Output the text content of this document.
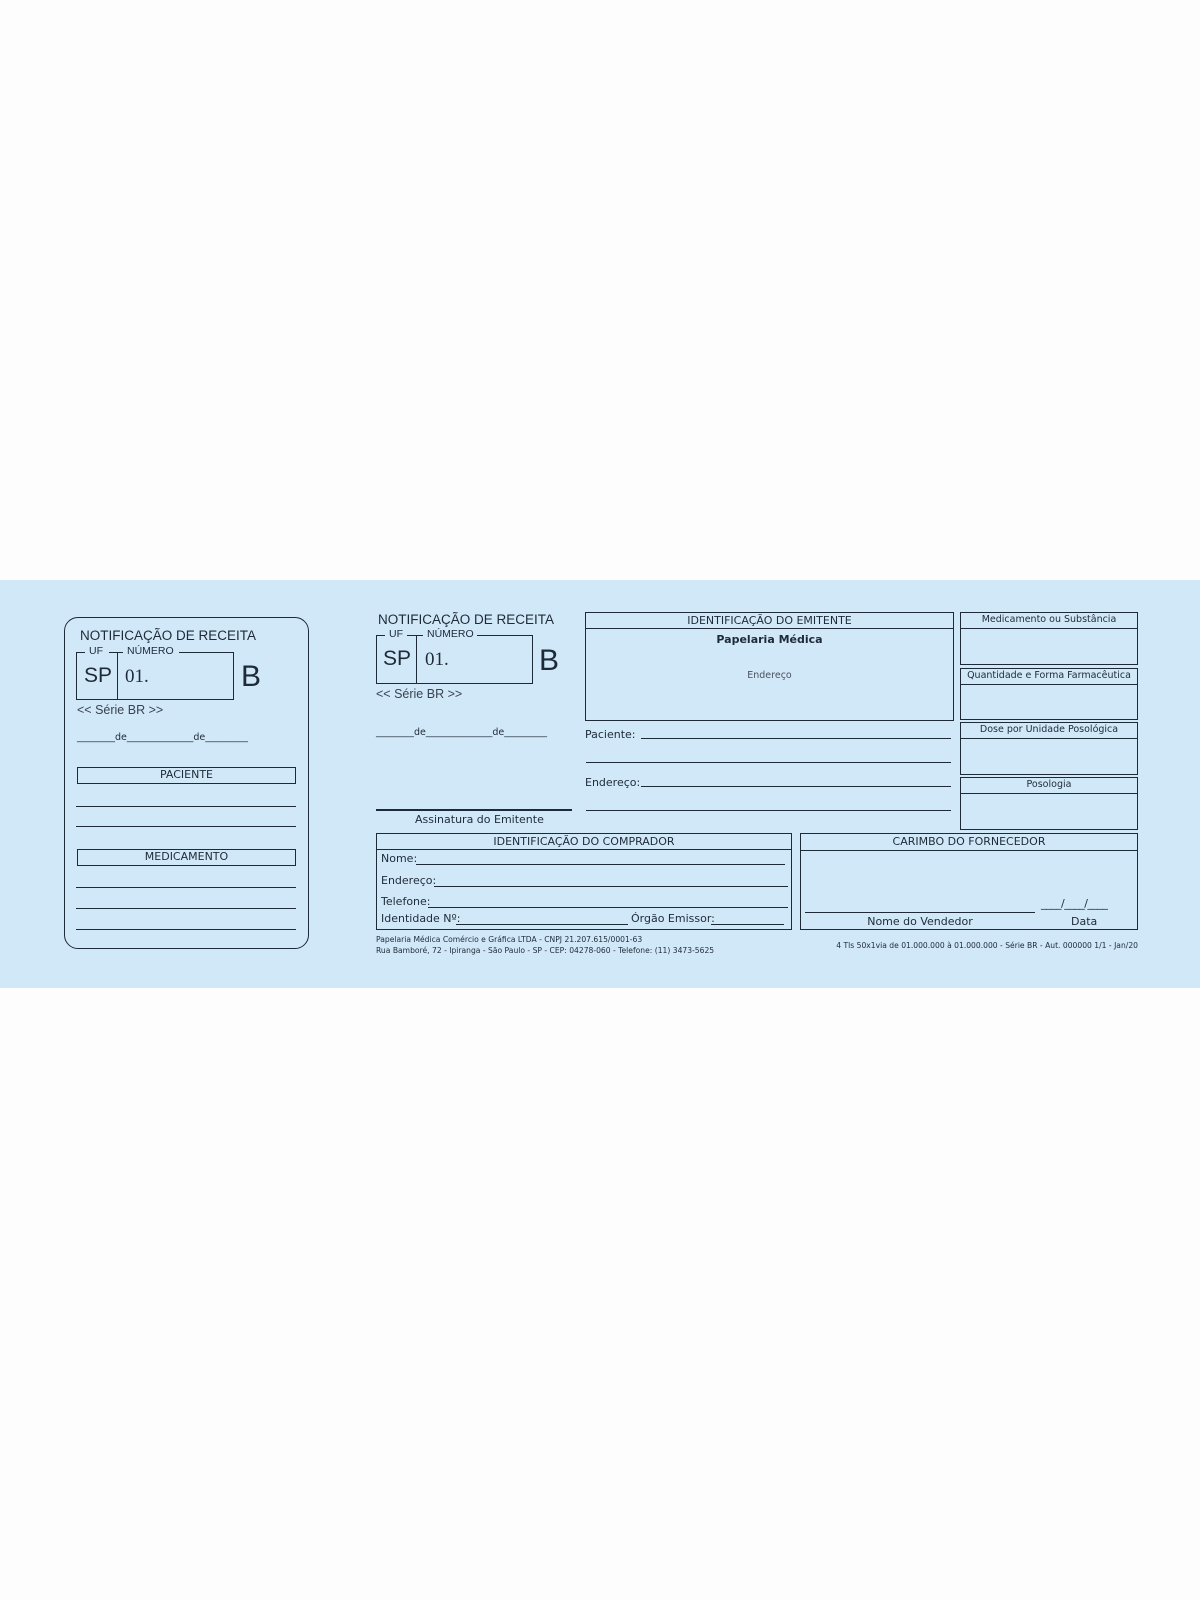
NOTIFICAÇÃO DE RECEITA
UF NÚMERO
SP 01.	B
<< Série BR >>
________de______________de_________
PACIENTE
MEDICAMENTO
NOTIFICAÇÃO DE RECEITA
UF NÚMERO
SP 01.	B
<< Série BR >>
________de______________de_________
Assinatura do Emitente
IDENTIFICAÇÃO DO EMITENTE
Papelaria Médica
Endereço
Paciente:
Endereço:
Medicamento ou Substância
Quantidade e Forma Farmacêutica
Dose por Unidade Posológica
Posologia
IDENTIFICAÇÃO DO COMPRADOR
Nome:
Endereço:
Telefone:
Identidade Nº:	Órgão Emissor:
CARIMBO DO FORNECEDOR
Nome do Vendedor
____/____/____
Data
Papelaria Médica Comércio e Gráfica LTDA - CNPJ 21.207.615/0001-63
Rua Bamboré, 72 - Ipiranga - São Paulo - SP - CEP: 04278-060 - Telefone: (11) 3473-5625
4 Tls 50x1via de 01.000.000 à 01.000.000 - Série BR - Aut. 000000 1/1 - Jan/20
